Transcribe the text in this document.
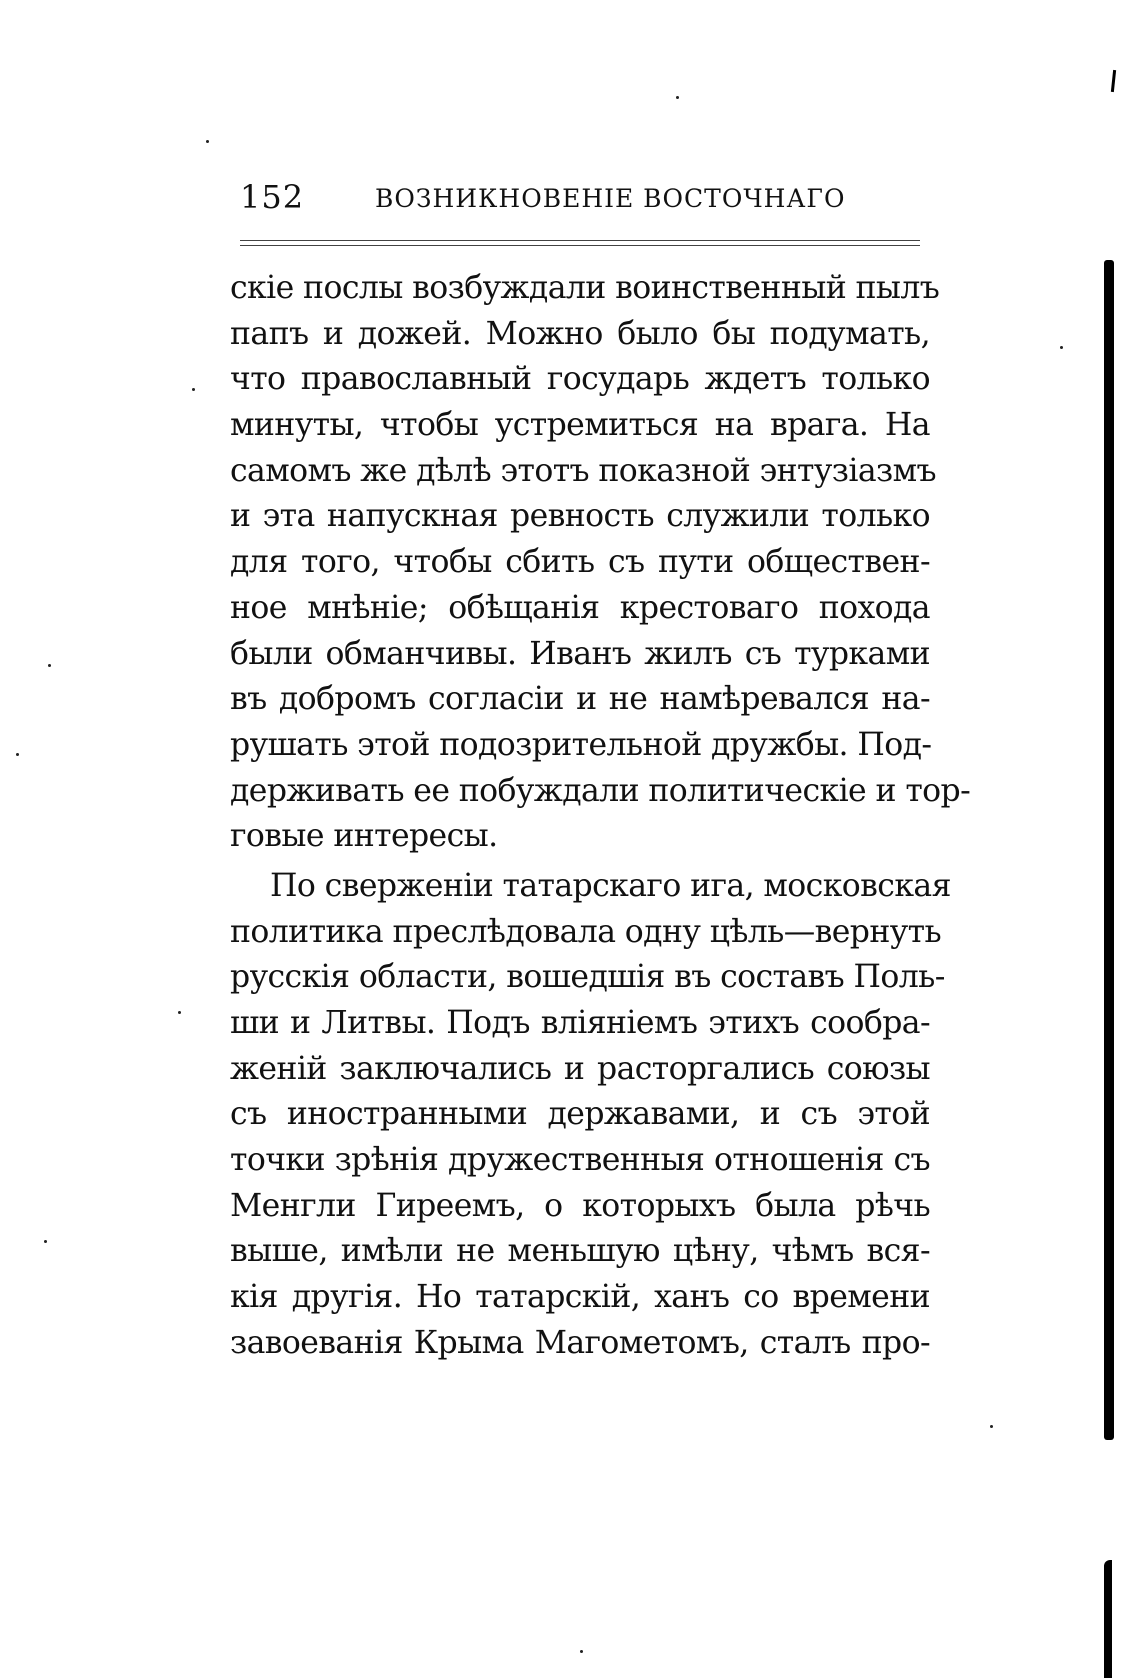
152	ВОЗНИКНОВЕНІЕ ВОСТОЧНАГО
скіе послы возбуждали воинственный пылъ
папъ и дожей. Можно было бы подумать,
что православный государь ждетъ только
минуты, чтобы устремиться на врага. На
самомъ же дѣлѣ этотъ показной энтузіазмъ
и эта напускная ревность служили только
для того, чтобы сбить съ пути обществен-
ное мнѣніе; обѣщанія крестоваго похода
были обманчивы. Иванъ жилъ съ турками
въ добромъ согласіи и не намѣревался на-
рушать этой подозрительной дружбы. Под-
держивать ее побуждали политическіе и тор-
говые интересы.
По сверженіи татарскаго ига, московская
политика преслѣдовала одну цѣль—вернуть
русскія области, вошедшія въ составъ Поль-
ши и Литвы. Подъ вліяніемъ этихъ сообра-
женій заключались и расторгались союзы
съ иностранными державами, и съ этой
точки зрѣнія дружественныя отношенія съ
Менгли Гиреемъ, о которыхъ была рѣчь
выше, имѣли не меньшую цѣну, чѣмъ вся-
кія другія. Но татарскій, ханъ со времени
завоеванія Крыма Магометомъ, сталъ про-
